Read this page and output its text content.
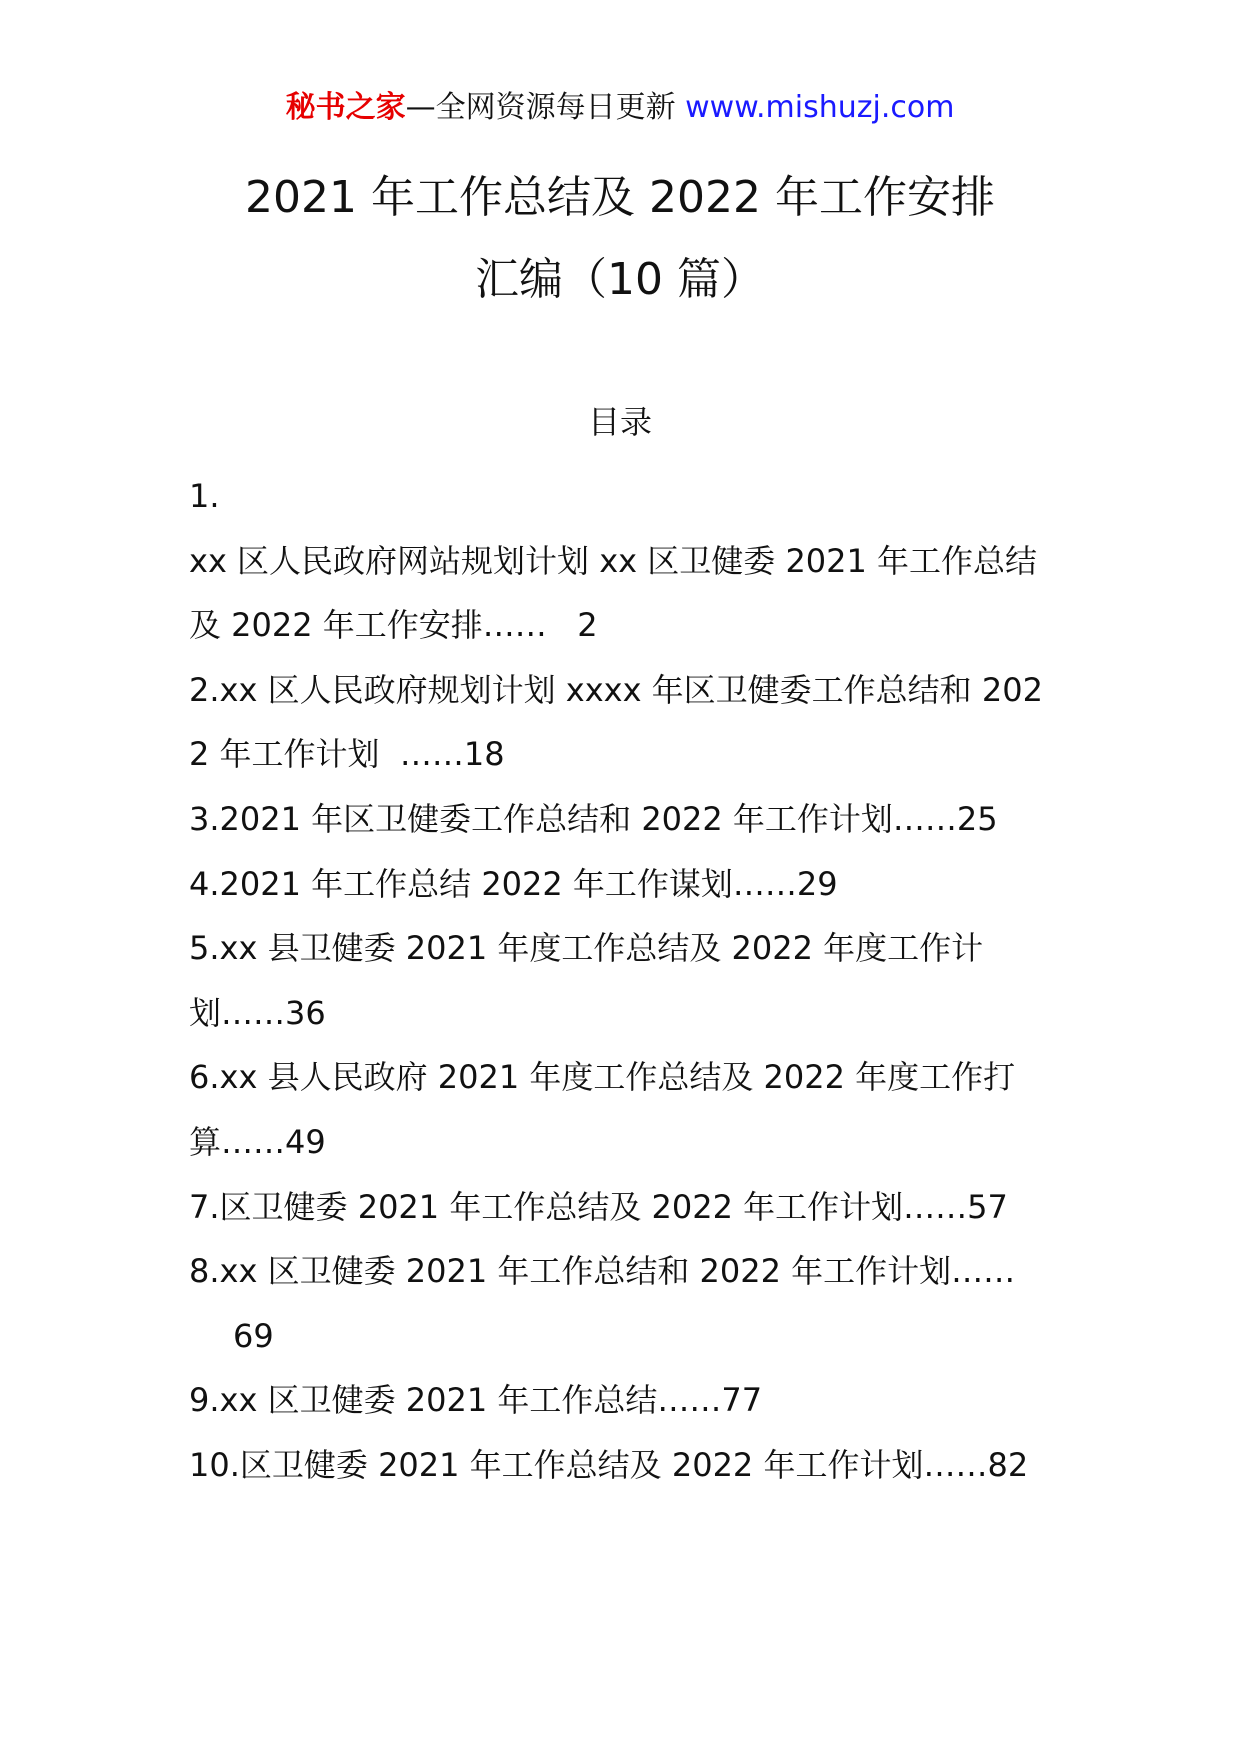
秘书之家—全网资源每日更新 www.mishuzj.com
2021 年工作总结及 2022 年工作安排
汇编（10 篇）
目录
1.
xx 区人民政府网站规划计划 xx 区卫健委 2021 年工作总结
及 2022 年工作安排……   2
2.xx 区人民政府规划计划 xxxx 年区卫健委工作总结和 202
2 年工作计划  ……18
3.2021 年区卫健委工作总结和 2022 年工作计划……25
4.2021 年工作总结 2022 年工作谋划……29
5.xx 县卫健委 2021 年度工作总结及 2022 年度工作计
划……36
6.xx 县人民政府 2021 年度工作总结及 2022 年度工作打
算……49
7.区卫健委 2021 年工作总结及 2022 年工作计划……57
8.xx 区卫健委 2021 年工作总结和 2022 年工作计划……
69
9.xx 区卫健委 2021 年工作总结……77
10.区卫健委 2021 年工作总结及 2022 年工作计划……82
